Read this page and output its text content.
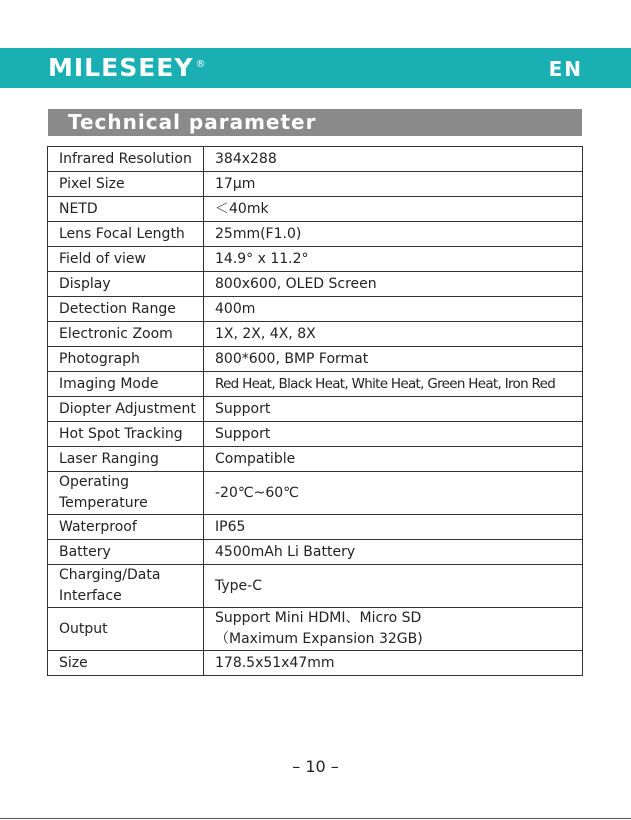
MILESEEY ®	EN
Technical parameter
Infrared Resolution	384x288
Pixel Size	17μm
NETD	＜40mk
Lens Focal Length	25mm(F1.0)
Field of view	14.9° x 11.2°
Display	800x600, OLED Screen
Detection Range	400m
Electronic Zoom	1X, 2X, 4X, 8X
Photograph	800*600, BMP Format
Imaging Mode	Red Heat, Black Heat, White Heat, Green Heat, Iron Red
Diopter Adjustment	Support
Hot Spot Tracking	Support
Laser Ranging	Compatible
Operating Temperature	-20℃~60℃
Waterproof	IP65
Battery	4500mAh Li Battery
Charging/Data Interface	Type-C
Output	Support Mini HDMI、Micro SD
（Maximum Expansion 32GB)

Size	178.5x51x47mm
– 10 –
